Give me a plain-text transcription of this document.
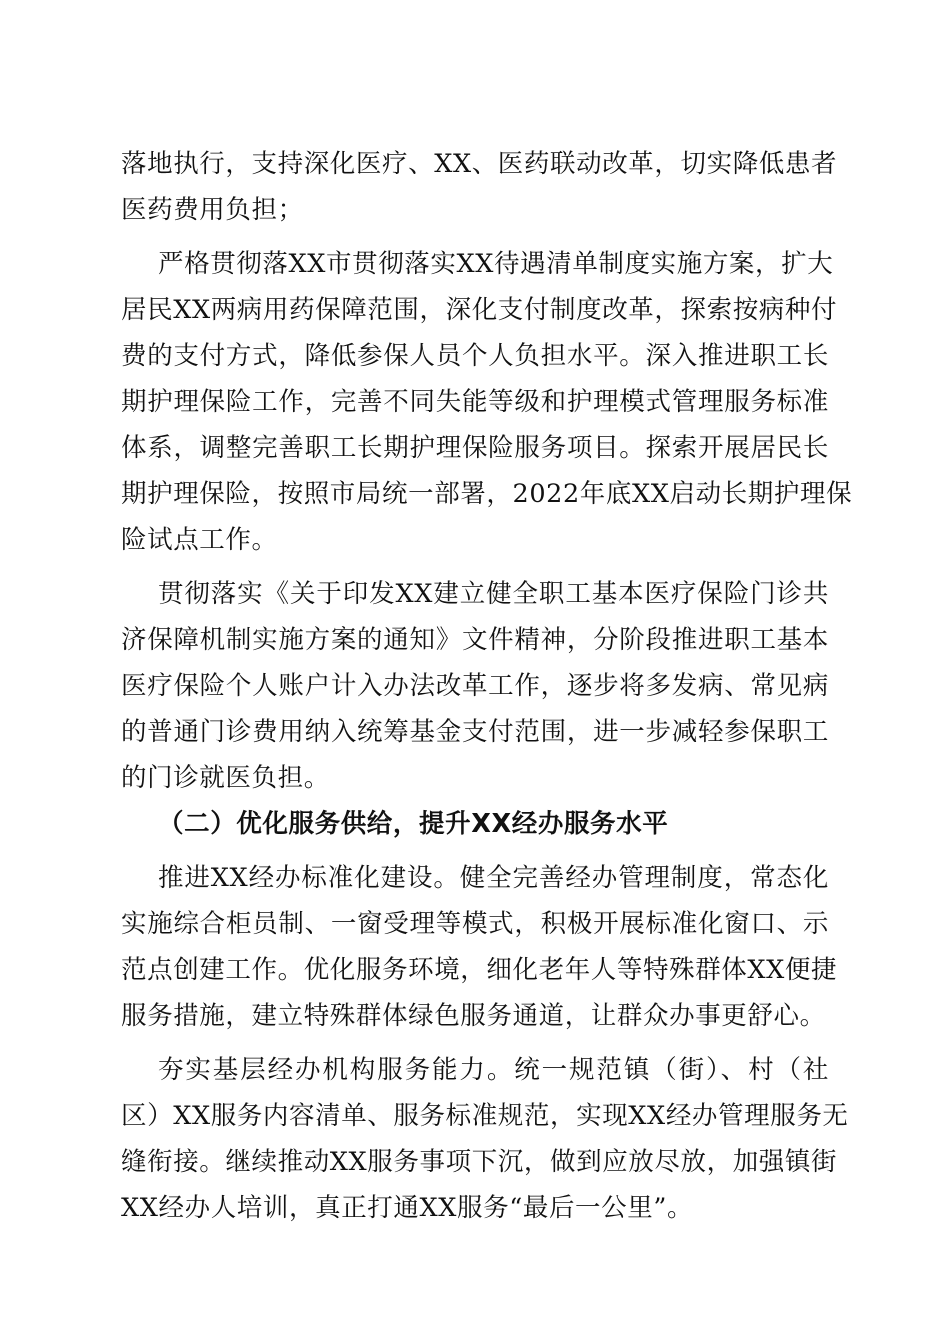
落地执行，支持深化医疗、XX、医药联动改革，切实降低患者
医药费用负担；
严格贯彻落XX市贯彻落实XX待遇清单制度实施方案，扩大
居民XX两病用药保障范围，深化支付制度改革，探索按病种付
费的支付方式，降低参保人员个人负担水平。深入推进职工长
期护理保险工作，完善不同失能等级和护理模式管理服务标准
体系，调整完善职工长期护理保险服务项目。探索开展居民长
期护理保险，按照市局统一部署，2022年底XX启动长期护理保
险试点工作。
贯彻落实《关于印发XX建立健全职工基本医疗保险门诊共
济保障机制实施方案的通知》文件精神，分阶段推进职工基本
医疗保险个人账户计入办法改革工作，逐步将多发病、常见病
的普通门诊费用纳入统筹基金支付范围，进一步减轻参保职工
的门诊就医负担。
（二）优化服务供给，提升XX经办服务水平
推进XX经办标准化建设。健全完善经办管理制度，常态化
实施综合柜员制、一窗受理等模式，积极开展标准化窗口、示
范点创建工作。优化服务环境，细化老年人等特殊群体XX便捷
服务措施，建立特殊群体绿色服务通道，让群众办事更舒心。
夯实基层经办机构服务能力。统一规范镇（街）、村（社
区）XX服务内容清单、服务标准规范，实现XX经办管理服务无
缝衔接。继续推动XX服务事项下沉，做到应放尽放，加强镇街
XX经办人培训，真正打通XX服务“最后一公里”。
